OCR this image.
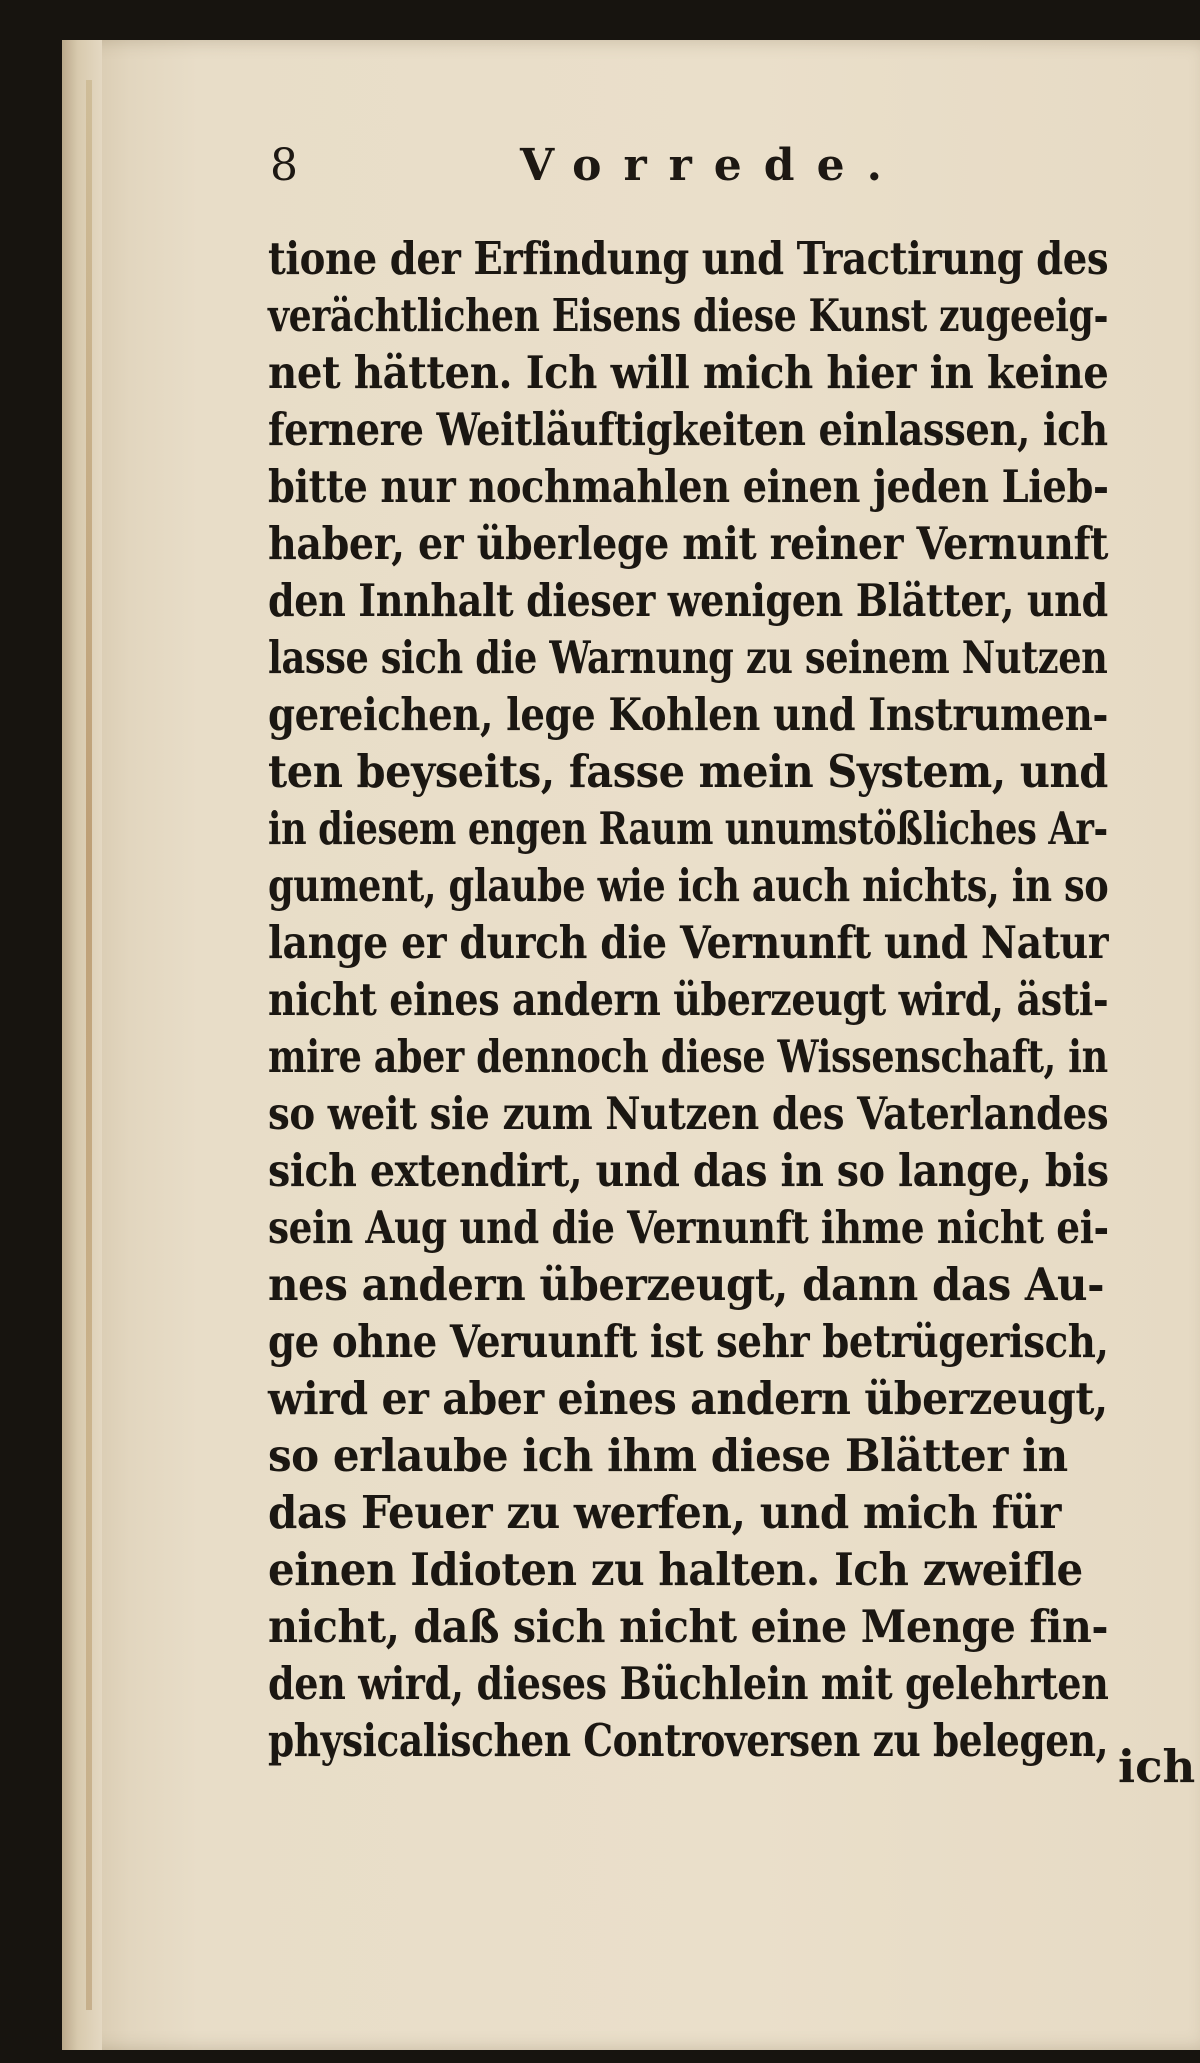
8	Vorrede.
tione der Erfindung und Tractirung des
verächtlichen Eisens diese Kunst zugeeig-
net hätten. Ich will mich hier in keine
fernere Weitläuftigkeiten einlassen, ich
bitte nur nochmahlen einen jeden Lieb-
haber, er überlege mit reiner Vernunft
den Innhalt dieser wenigen Blätter, und
lasse sich die Warnung zu seinem Nutzen
gereichen, lege Kohlen und Instrumen-
ten beyseits, fasse mein System, und
in diesem engen Raum unumstößliches Ar-
gument, glaube wie ich auch nichts, in so
lange er durch die Vernunft und Natur
nicht eines andern überzeugt wird, ästi-
mire aber dennoch diese Wissenschaft, in
so weit sie zum Nutzen des Vaterlandes
sich extendirt, und das in so lange, bis
sein Aug und die Vernunft ihme nicht ei-
nes andern überzeugt, dann das Au-
ge ohne Veruunft ist sehr betrügerisch,
wird er aber eines andern überzeugt,
so erlaube ich ihm diese Blätter in
das Feuer zu werfen, und mich für
einen Idioten zu halten. Ich zweifle
nicht, daß sich nicht eine Menge fin-
den wird, dieses Büchlein mit gelehrten
physicalischen Controversen zu belegen, ich
